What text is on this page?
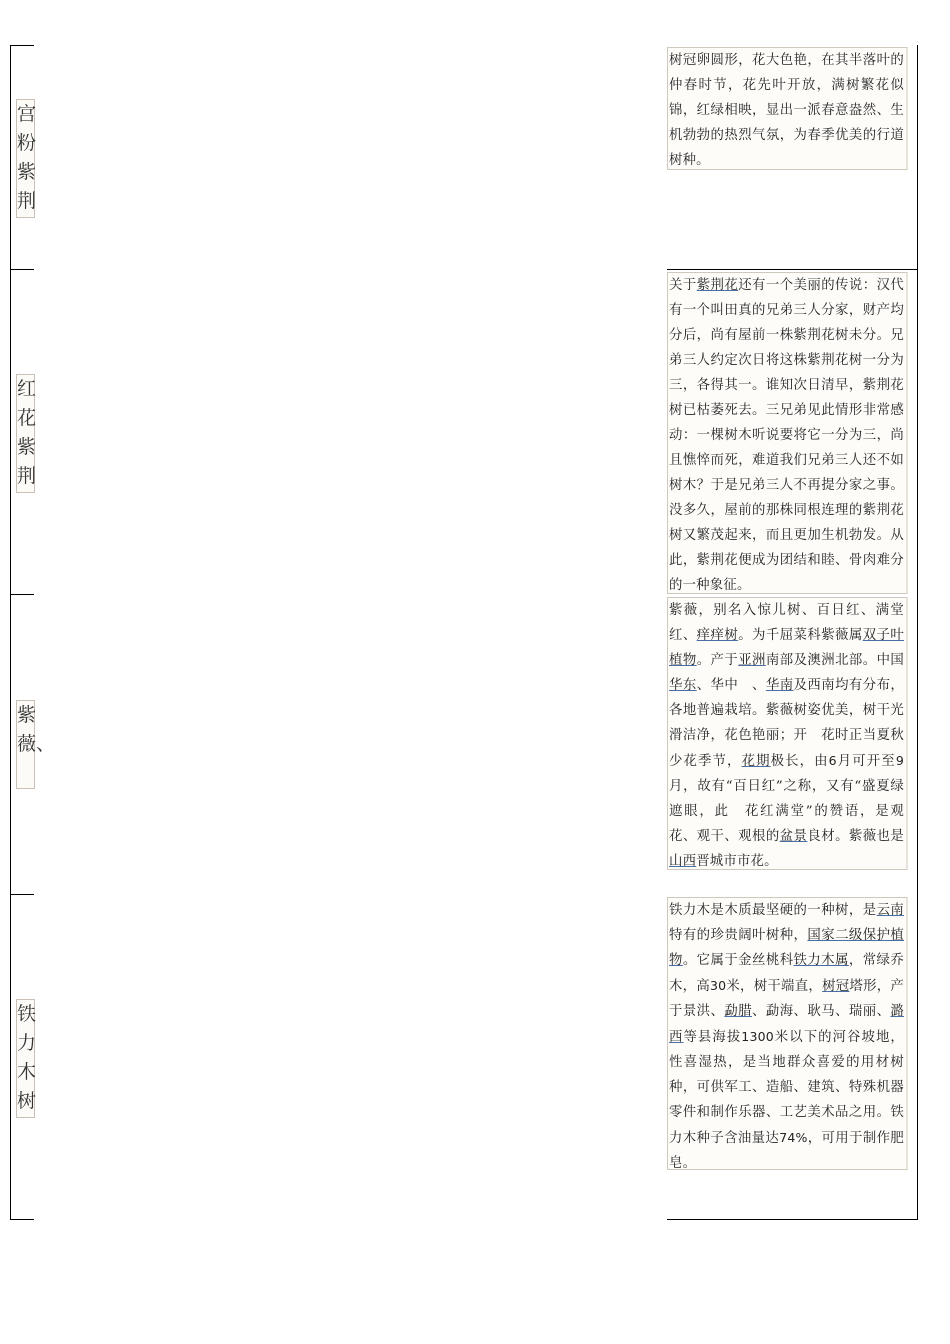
宫粉紫荆
树冠卵圆形，花大色艳，在其半落叶的仲春时节，花先叶开放，满树繁花似锦，红绿相映，显出一派春意盎然、生机勃勃的热烈气氛，为春季优美的行道树种。
红花紫荆
关于紫荆花还有一个美丽的传说：汉代有一个叫田真的兄弟三人分家，财产均分后，尚有屋前一株紫荆花树未分。兄弟三人约定次日将这株紫荆花树一分为三，各得其一。谁知次日清早，紫荆花树已枯萎死去。三兄弟见此情形非常感动：一棵树木听说要将它一分为三，尚且憔悴而死，难道我们兄弟三人还不如树木？于是兄弟三人不再提分家之事。没多久，屋前的那株同根连理的紫荆花树又繁茂起来，而且更加生机勃发。从此，紫荆花便成为团结和睦、骨肉难分的一种象征。
紫薇、
紫薇，别名入惊儿树、百日红、满堂红、痒痒树。为千屈菜科紫薇属双子叶植物。产于亚洲南部及澳洲北部。中国华东、华中　、华南及西南均有分布，各地普遍栽培。紫薇树姿优美，树干光滑洁净，花色艳丽；开　花时正当夏秋少花季节，花期极长，由6月可开至9月，故有“百日红”之称，又有“盛夏绿遮眼，此　花红满堂”的赞语，是观花、观干、观根的盆景良材。紫薇也是山西晋城市市花。
铁力木树
铁力木是木质最坚硬的一种树，是云南特有的珍贵阔叶树种，国家二级保护植物。它属于金丝桃科铁力木属，常绿乔木，高30米，树干端直，树冠塔形，产于景洪、勐腊、勐海、耿马、瑞丽、潞西等县海拔1300米以下的河谷坡地，性喜湿热，是当地群众喜爱的用材树种，可供军工、造船、建筑、特殊机器零件和制作乐器、工艺美术品之用。铁力木种子含油量达74%，可用于制作肥皂。
